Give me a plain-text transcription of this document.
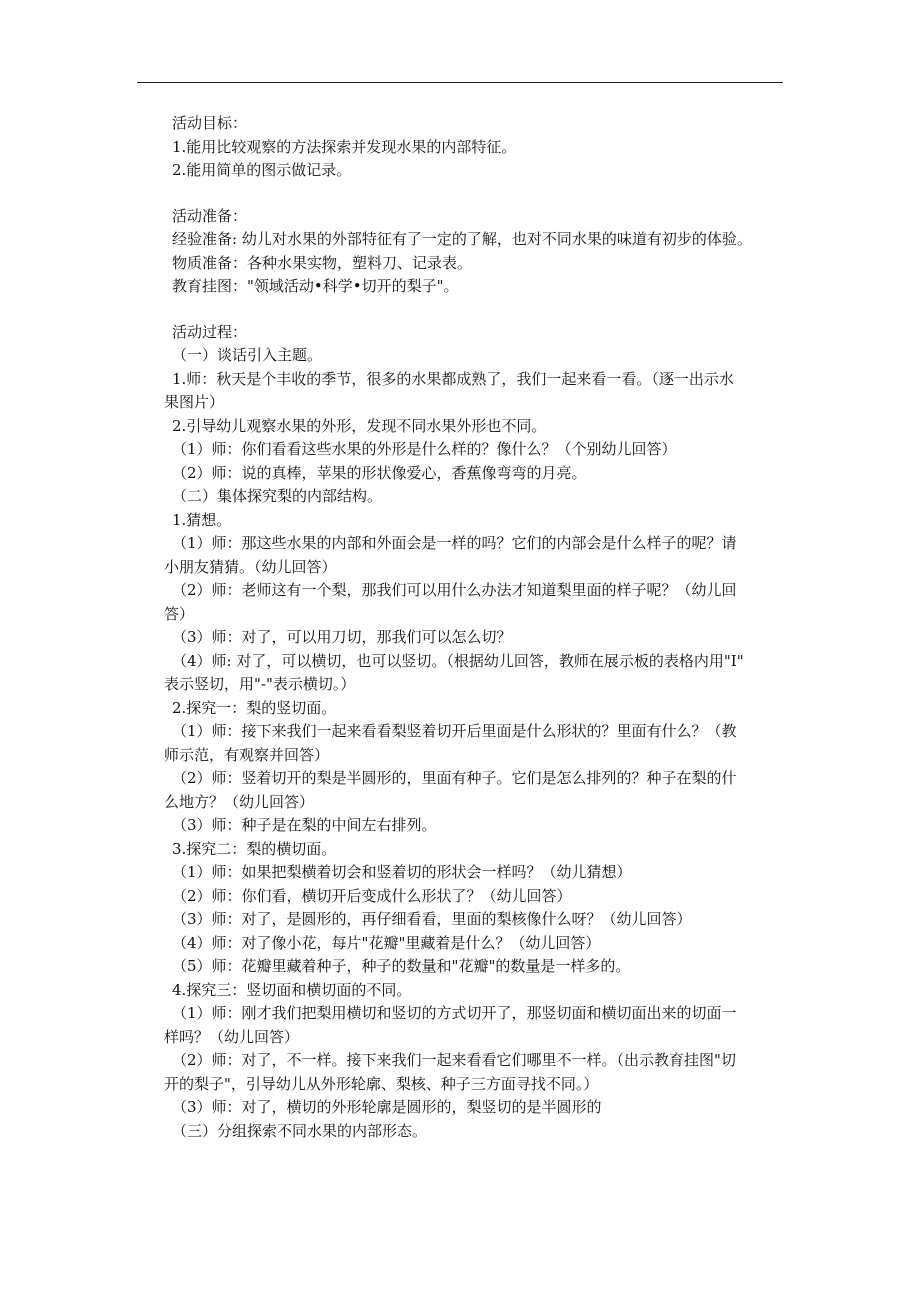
活动目标：

1.能用比较观察的方法探索并发现水果的内部特征。

2.能用简单的图示做记录。

活动准备：

经验准备: 幼儿对水果的外部特征有了一定的了解，也对不同水果的味道有初步的体验。

物质准备：各种水果实物，塑料刀、记录表。

教育挂图："领域活动•科学•切开的梨子"。

活动过程：

（一）谈话引入主题。

1.师：秋天是个丰收的季节，很多的水果都成熟了，我们一起来看一看。（逐一出示水

果图片）

2.引导幼儿观察水果的外形，发现不同水果外形也不同。

（1）师：你们看看这些水果的外形是什么样的？像什么？（个别幼儿回答）

（2）师：说的真棒，苹果的形状像爱心，香蕉像弯弯的月亮。

（二）集体探究梨的内部结构。

1.猜想。

（1）师：那这些水果的内部和外面会是一样的吗？它们的内部会是什么样子的呢？请

小朋友猜猜。（幼儿回答）

（2）师：老师这有一个梨，那我们可以用什么办法才知道梨里面的样子呢？（幼儿回

答）

（3）师：对了，可以用刀切，那我们可以怎么切？

（4）师: 对了，可以横切，也可以竖切。（根据幼儿回答，教师在展示板的表格内用"I"

表示竖切，用"-"表示横切。）

2.探究一：梨的竖切面。

（1）师：接下来我们一起来看看梨竖着切开后里面是什么形状的？里面有什么？（教

师示范，有观察并回答）

（2）师：竖着切开的梨是半圆形的，里面有种子。它们是怎么排列的？种子在梨的什

么地方？（幼儿回答）

（3）师：种子是在梨的中间左右排列。

3.探究二：梨的横切面。

（1）师：如果把梨横着切会和竖着切的形状会一样吗？（幼儿猜想）

（2）师：你们看，横切开后变成什么形状了？（幼儿回答）

（3）师：对了，是圆形的，再仔细看看，里面的梨核像什么呀？（幼儿回答）

（4）师：对了像小花，每片"花瓣"里藏着是什么？（幼儿回答）

（5）师：花瓣里藏着种子，种子的数量和"花瓣"的数量是一样多的。

4.探究三：竖切面和横切面的不同。

（1）师：刚才我们把梨用横切和竖切的方式切开了，那竖切面和横切面出来的切面一

样吗？（幼儿回答）

（2）师：对了，不一样。接下来我们一起来看看它们哪里不一样。（出示教育挂图"切

开的梨子"，引导幼儿从外形轮廓、梨核、种子三方面寻找不同。）

（3）师：对了，横切的外形轮廓是圆形的，梨竖切的是半圆形的

（三）分组探索不同水果的内部形态。
